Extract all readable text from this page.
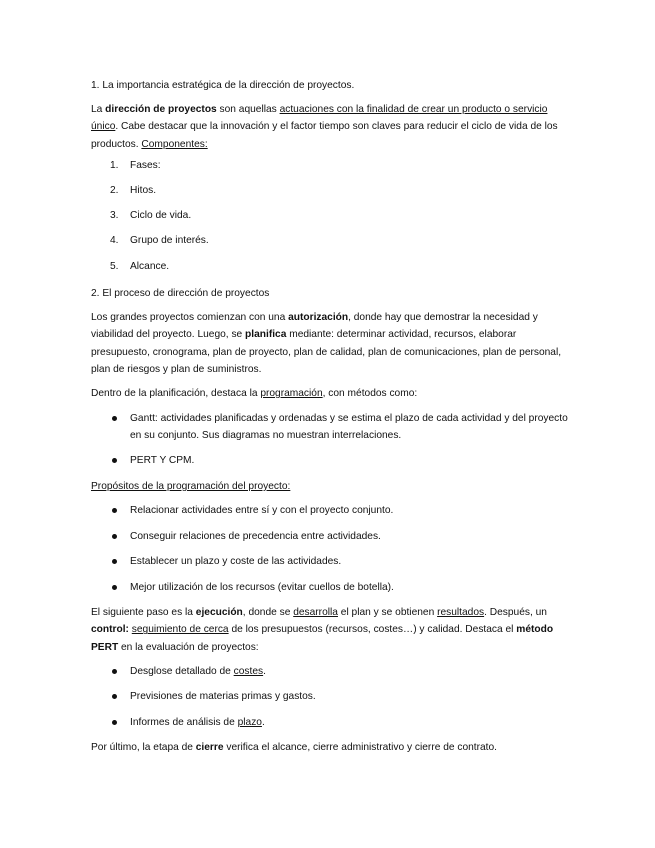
1. La importancia estratégica de la dirección de proyectos.
La dirección de proyectos son aquellas actuaciones con la finalidad de crear un producto o servicio único. Cabe destacar que la innovación y el factor tiempo son claves para reducir el ciclo de vida de los productos. Componentes:
1. Fases:
2. Hitos.
3. Ciclo de vida.
4. Grupo de interés.
5. Alcance.
2. El proceso de dirección de proyectos
Los grandes proyectos comienzan con una autorización, donde hay que demostrar la necesidad y viabilidad del proyecto. Luego, se planifica mediante: determinar actividad, recursos, elaborar presupuesto, cronograma, plan de proyecto, plan de calidad, plan de comunicaciones, plan de personal, plan de riesgos y plan de suministros.
Dentro de la planificación, destaca la programación, con métodos como:
Gantt: actividades planificadas y ordenadas y se estima el plazo de cada actividad y del proyecto en su conjunto. Sus diagramas no muestran interrelaciones.
PERT Y CPM.
Propósitos de la programación del proyecto:
Relacionar actividades entre sí y con el proyecto conjunto.
Conseguir relaciones de precedencia entre actividades.
Establecer un plazo y coste de las actividades.
Mejor utilización de los recursos (evitar cuellos de botella).
El siguiente paso es la ejecución, donde se desarrolla el plan y se obtienen resultados. Después, un control: seguimiento de cerca de los presupuestos (recursos, costes…) y calidad. Destaca el método PERT en la evaluación de proyectos:
Desglose detallado de costes.
Previsiones de materias primas y gastos.
Informes de análisis de plazo.
Por último, la etapa de cierre verifica el alcance, cierre administrativo y cierre de contrato.
